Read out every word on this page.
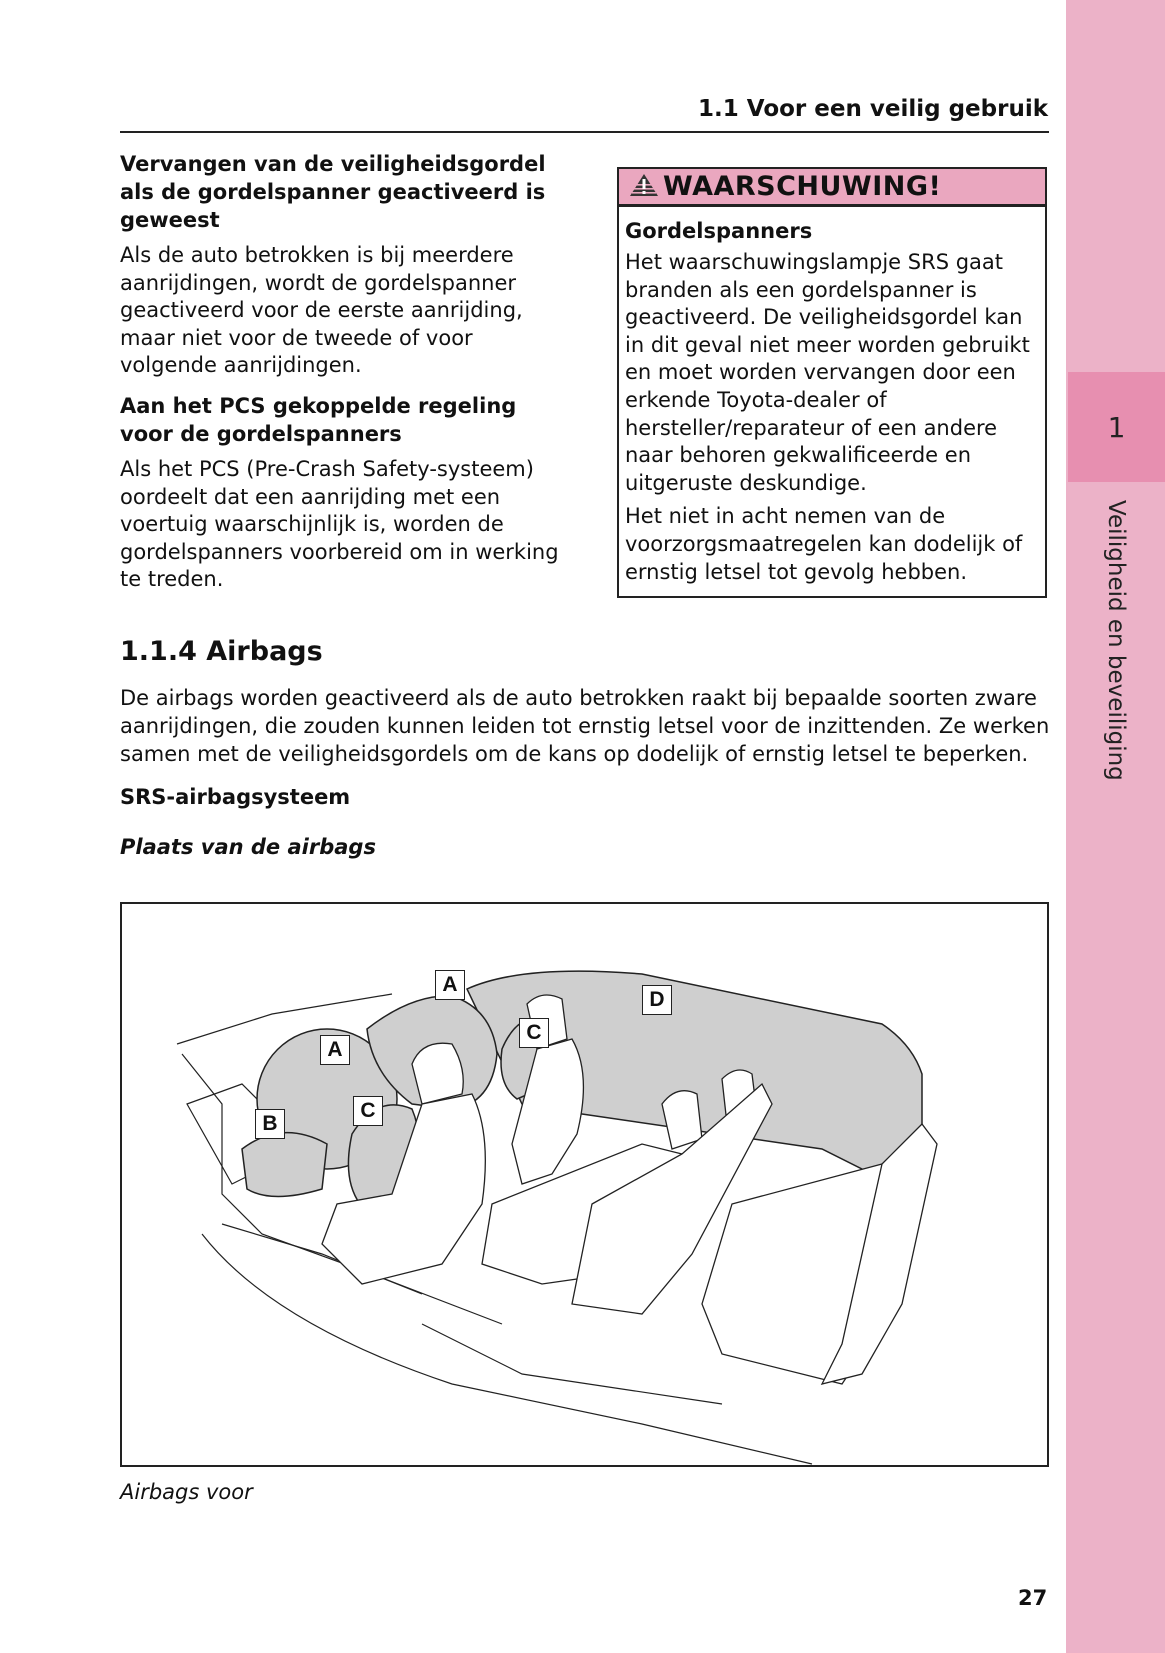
1
Veiligheid en beveiliging
1.1 Voor een veilig gebruik
Vervangen van de veiligheidsgordel als de gordelspanner geactiveerd is geweest
Als de auto betrokken is bij meerdere aanrijdingen, wordt de gordelspanner geactiveerd voor de eerste aanrijding, maar niet voor de tweede of voor volgende aanrijdingen.
Aan het PCS gekoppelde regeling voor de gordelspanners
Als het PCS (Pre-Crash Safety-systeem) oordeelt dat een aanrijding met een voertuig waarschijnlijk is, worden de gordelspanners voorbereid om in werking te treden.
WAARSCHUWING!
Gordelspanners
Het waarschuwingslampje SRS gaat branden als een gordelspanner is geactiveerd. De veiligheidsgordel kan in dit geval niet meer worden gebruikt en moet worden vervangen door een erkende Toyota-dealer of hersteller/reparateur of een andere naar behoren gekwalificeerde en uitgeruste deskundige.
Het niet in acht nemen van de voorzorgsmaatregelen kan dodelijk of ernstig letsel tot gevolg hebben.
1.1.4 Airbags
De airbags worden geactiveerd als de auto betrokken raakt bij bepaalde soorten zware aanrijdingen, die zouden kunnen leiden tot ernstig letsel voor de inzittenden. Ze werken samen met de veiligheidsgordels om de kans op dodelijk of ernstig letsel te beperken.
SRS-airbagsysteem
Plaats van de airbags
A
A
B
C
C
D
Airbags voor
27
